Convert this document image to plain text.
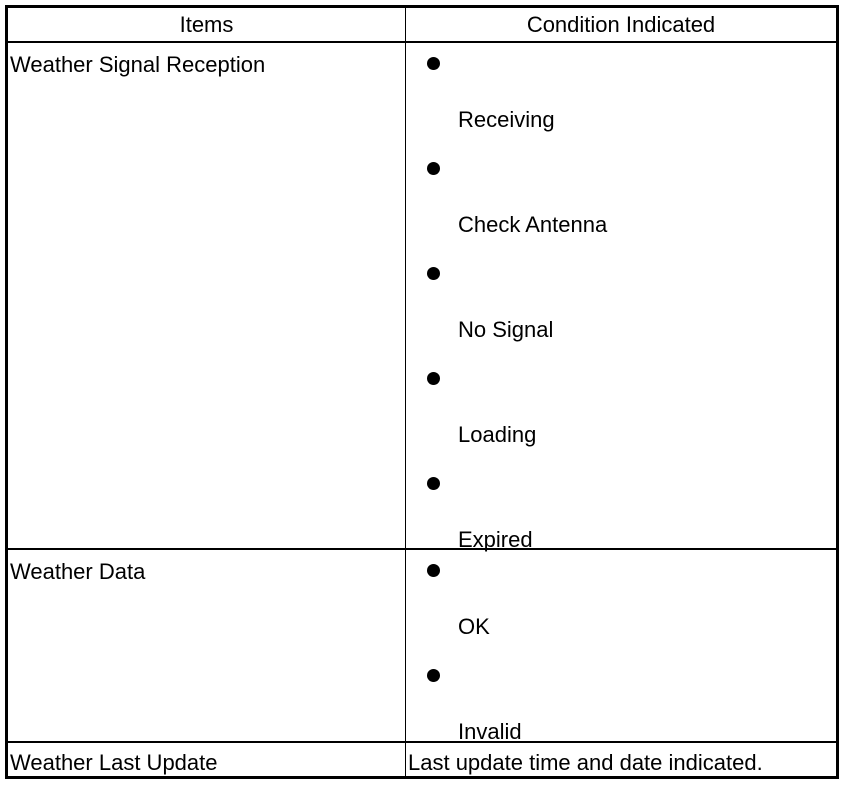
Items	Condition Indicated
Weather Signal Reception
Receiving
Check Antenna
No Signal
Loading
Expired
Weather Data
OK
Invalid
Weather Last Update	Last update time and date indicated.
